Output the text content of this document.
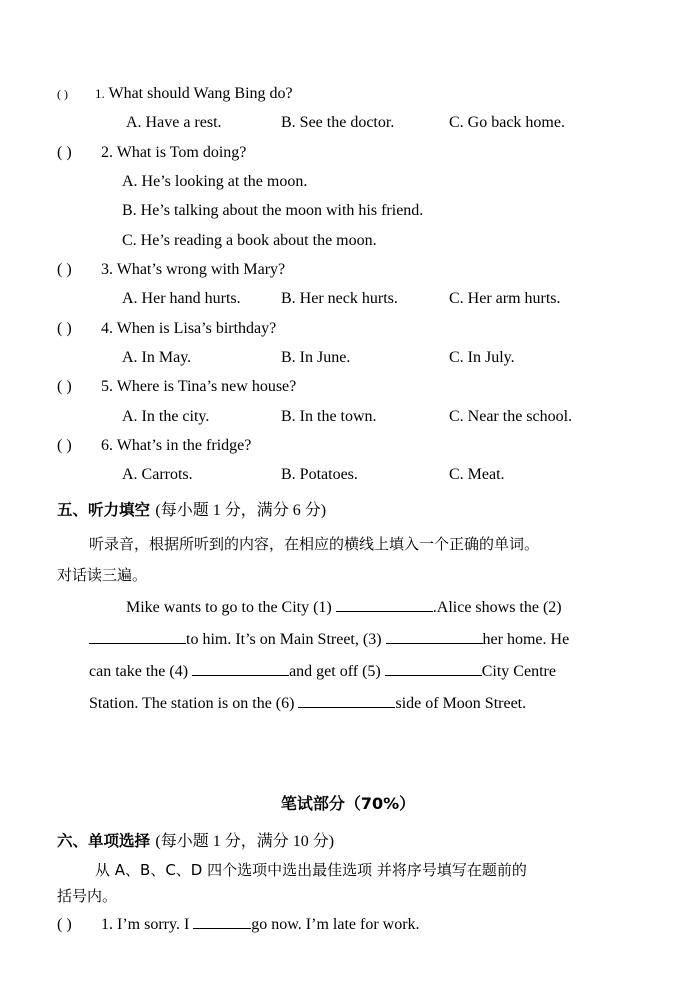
( ) 1. What should Wang Bing do?
A. Have a rest.	B. See the doctor.	C. Go back home.
( ) 2. What is Tom doing?
A. He’s looking at the moon.
B. He’s talking about the moon with his friend.
C. He’s reading a book about the moon.
( ) 3. What’s wrong with Mary?
A. Her hand hurts.	B. Her neck hurts.	C. Her arm hurts.
( ) 4. When is Lisa’s birthday?
A. In May.	B. In June.	C. In July.
( ) 5. Where is Tina’s new house?
A. In the city.	B. In the town.	C. Near the school.
( ) 6. What’s in the fridge?
A. Carrots.	B. Potatoes.	C. Meat.
五、听力填空 (每小题 1 分，满分 6 分)
听录音，根据所听到的内容，在相应的横线上填入一个正确的单词。
对话读三遍。
Mike wants to go to the City (1)	.Alice shows the (2)
to him. It’s on Main Street, (3)	her home. He
can take the (4)	and get off (5)	City Centre
Station. The station is on the (6)	side of Moon Street.
笔试部分（70%）
六、单项选择 (每小题 1 分，满分 10 分)
从 A、B、C、D 四个选项中选出最佳选项 并将序号填写在题前的
括号内。
( ) 1. I’m sorry. I	go now. I’m late for work.
